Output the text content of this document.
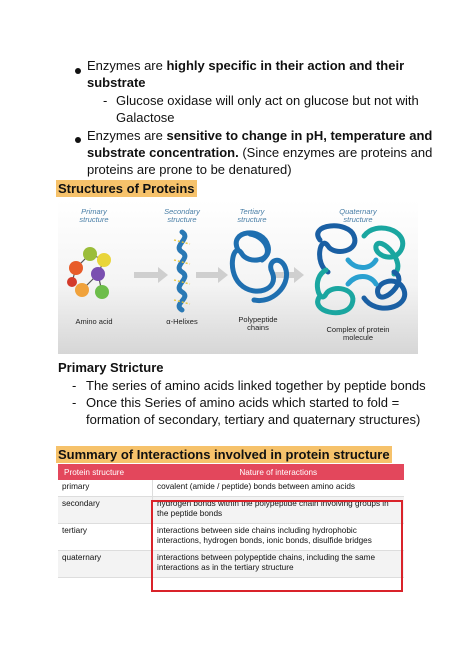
Enzymes are highly specific in their action and their
substrate
- Glucose oxidase will only act on glucose but not with
Galactose
Enzymes are sensitive to change in pH, temperature and
substrate concentration. (Since enzymes are proteins and
proteins are prone to be denatured)
Structures of Proteins
Primary structure
Secondary structure
Tertiary structure
Quaternary structure
Amino acid	α-Helixes	Polypeptide chains	Complex of protein molecule
Primary Stricture
- The series of amino acids linked together by peptide bonds
- Once this Series of amino acids which started to fold =
formation of secondary, tertiary and quaternary structures)
Summary of Interactions involved in protein structure
Protein structure	Nature of interactions
primary	covalent (amide / peptide) bonds between amino acids
secondary	hydrogen bonds within the polypeptide chain involving groups in the peptide bonds
tertiary	interactions between side chains including hydrophobic interactions, hydrogen bonds, ionic bonds, disulfide bridges
quaternary	interactions between polypeptide chains, including the same interactions as in the tertiary structure
